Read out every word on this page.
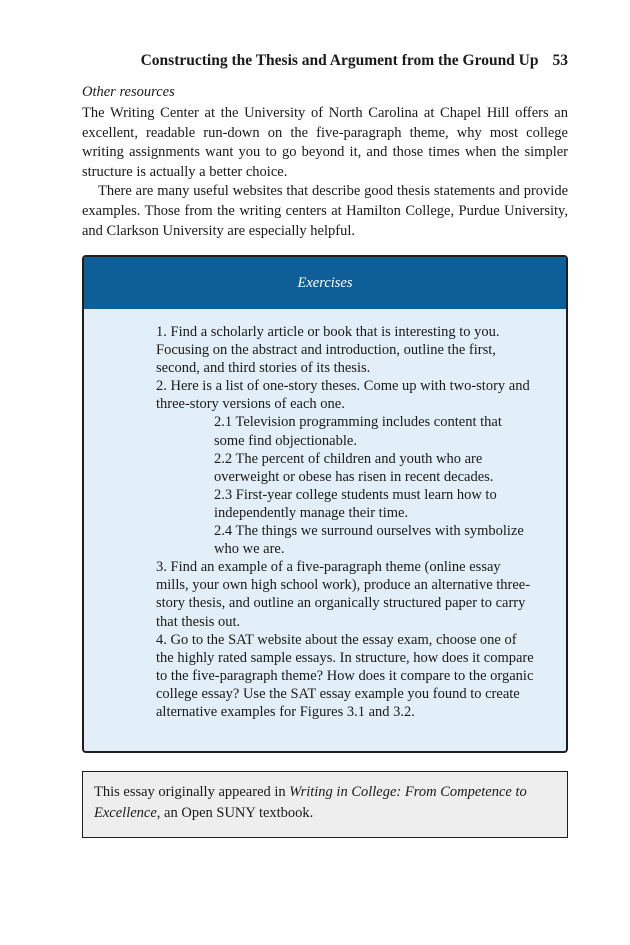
Constructing the Thesis and Argument from the Ground Up 53
Other resources

The Writing Center at the University of North Carolina at Chapel Hill offers an excellent, readable run-down on the five-paragraph theme, why most college writing assignments want you to go beyond it, and those times when the simpler structure is actually a better choice.

There are many useful websites that describe good thesis statements and provide examples. Those from the writing centers at Hamilton College, Purdue University, and Clarkson University are especially helpful.

Exercises

1. Find a scholarly article or book that is interesting to you. Focusing on the abstract and introduction, outline the first, second, and third stories of its thesis.

2. Here is a list of one-story theses. Come up with two-story and three-story versions of each one.

2.1 Television programming includes content that some find objectionable.

2.2 The percent of children and youth who are overweight or obese has risen in recent decades.

2.3 First-year college students must learn how to independently manage their time.

2.4 The things we surround ourselves with symbolize who we are.

3. Find an example of a five-paragraph theme (online essay mills, your own high school work), produce an alternative three-story thesis, and outline an organically structured paper to carry that thesis out.

4. Go to the SAT website about the essay exam, choose one of the highly rated sample essays. In structure, how does it compare to the five-paragraph theme? How does it compare to the organic college essay? Use the SAT essay example you found to create alternative examples for Figures 3.1 and 3.2.

This essay originally appeared in Writing in College: From Competence to Excellence, an Open SUNY textbook.
